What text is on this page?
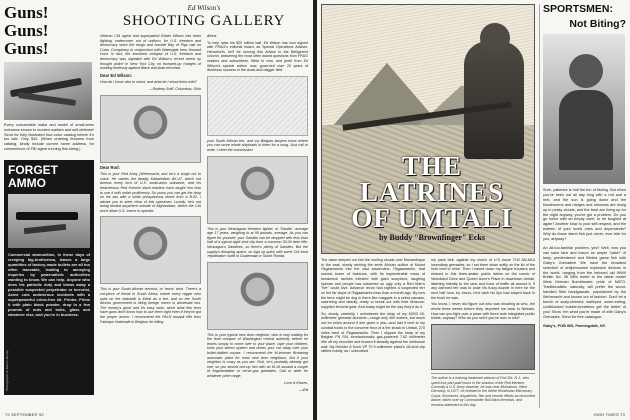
Guns!
Guns!
Guns!
Every conceivable make and model of small-arms ordnance known to modern warfare and self-defense! Send for fully illustrated four-color catalog before it's too late. Only $10. (When ordering firearms from catalog, kindly include current home address, for convenience of FBI agent running this string.)
FORGET
AMMO
Commercial ammunition, in these days of creeping big-brotherism, leaves a large quantities of factory-made bullets are all too often traceable, leading to annoying inquiries by paternalistic authorities wanting to know. We can help. Anyone who does his patriotic duty and blows away a possible suspected perpetrator or terrorist, Acme cuts undesirous incidents with a superpowerful crime-free kit. Printer. Prime it with plain black powder, drop in a few pounds of nuts and bolts, glass and whatever else, and you're in business.
Photographs by Barron Murray
Ed Wilson's
SHOOTING GALLERY

Veteran CIA agent and superpatriot Edwin Wilson has been fighting, undercover, out of uniform, for U.S. freedom and democracy since the tough and humble Bay of Pigs raid on Cuba. Conspiracy in conjunction with Watergate hero Howard Hunt. In fact, the imminent collapse of U.S. freedom and democracy was signaled with Ed Wilson's recent arrest by thought police in New York City, on trumped-up charges of working tirelessly against Black and Arab terrorists.

Dear Ed Wilson:

How do I know who to shoot, and what do I shoot them with?

—Rodney Sniff, Columbus, Ohio

Dear Rod:

This is your Red Army (Wehrmacht, and he's a tough nut to crack. He carries the deadly Kalashnikov AK-47, which not doesns every inch of U.S. small-arms ordnance, and his treacherous Red Kremlin slave-masters have taught him how to use it with unfair proficiency. So yours you can get the drop on his ass with a white phosphorous bomb from a B-52. I advise you to steer clear of this specimen. Luckily, he's not being bested anywhere outside of Afghanistan, where the CIA won't allow U.S. mercs to operate.

This is your South African terrorist, or 'terror' dont. There's a cut-piece of threat in South Africa, where every nigger who spits on the sidewalk is listed as a terr, and so the South African government is hiring foreign mercs in wholesale lots. The money's good and it's easy work, since what few terrs have guns don't know how to use them right even if they've got the proper ammo. I recommend the FALN assault rifle from Fabrique Nationale in Belgium for killing

Africa.

To help raise his $20 million bail, Ed Wilson has now signed with FRAG's editorial board, as Special Operations Adviser. Henceforth, he'll be running this Advice to the Belligerent column, answering the most often asked questions from FRAG readers and subscribers. Write in now, and profit from Ed Wilson's special advice now, governed over 20 years of illustrious success in the cloak-and-dagger field.

your South African terr, and my Belgian lawyers know where you can score whole shiploads of them for a song. Just call or write, I meet the commission.

This is your Nicaraguan freedom fighter, or 'Sandie,' average age 17 years, weighing in at 90 pounds, average. As you can figure for yourself, your Sandito can be dropped with less than half of a typical sight shot clip from a common 30.06 deer rifle. Nicaragua's Sandinos, so there's plenty of Sandies. But the supply's drooping apace, so sign up quick with some CIA front 'repatriation' outfit in Guatemala or South Florida.

This is your typical next door neighbor, who is only waiting for the final collapse of Washington central authority before he learns simply to come over to your place, rape your children, loots your stereo system and drives your car away over your bullet-riddled corpse. I recommend the M-trimmer Browning automatic pistol for most next door neighbors. But if your neighbor is crazy as you are. Rod, he's probably already got one, so you should one-up him with an M-16 assault a couple of fragmentation or nerve-gas grenades. Call or write for whatever price range.

Love & Kisses,

—Ed
72 SEPTEMBER 92
THE LATRINES
OF UMTALI
by Buddy "Brownfinger" Ecks

The dawn seeped out into the moiling clouds over Mozambique to the east, slowly etching the eerie African outline of Mount iTsgaamanhu into the vast savannahs. iTsgaamanhu, that surreal tower of baboons, with its impenetrable mass of breakneck ravines infested with giant scorpions, laughing hyenas and people has suborned so ugly only a Red Man's "her" could love. Advance recon had sighted a suspected terr on the far slope of iTsgaamanhu less than a month ago. By now the terrs might be dug in there like maggots in a zebra carcass, swarming and deadly, ready to break out with their Moscow-supplied terrorist gear. And today might be the day they'd do it.

So, slowly, carefully, I unlimbered the strap of my M203 40-millimeter grenade launcher—range only 400 meters, but much out for miles around if she gives a yes—and laid it next to my combat boots in the concrete floor of a the shack in Umtali, 270 miles west of iTsgaamanhu. Then I slipped the strap of my Belgian FN FAL semiautomatic gas-powered 7.62 millimeter rifle off my shoulder and braced it steadily against the shithouse wall. My Heckler & Koch VP 70 9-millimeter pistol's 18-shot clip rattled noisily, as I unbuckled

my pack belt, against my clutch of U.S.-issue TH3 AN-M14 incendiary grenades, so I set them down softly on the lid of the hole next to mine. Then I eased down my fatigue trousers and relaxed in this three-seater public latrine on the corner of Verkolstch Drive and Queen Anne's Place in downtown Umtali, listening intently to the rank and honk of traffic all around it. If any damned terr was to poke his fuzzy-wuzzie in here for the next half hour, by Jesus, he'd wish his lips had stayed back in the bush he was.

You know, I never did figure out who was shooting at who, the whole three weeks before they deported me back to Newark. How can you fight over a place with three-hole integrated public toilets, anyway? Who do you sell if you've won or lost?

The author is a training-hardened veteran of Fort Dix, N.J., who spent four part-paid hours in the shadow of the Red Menace. Currently a U.S. Army deserter, he was near Mutsaburu, West Germany, in 1977, he enlisted in the White Rhodesian Mercenary Corps. Brochures, dispatches, film and remote efforts as recounted above, taken over by Commander Bull black terrorists, and remains stationed to this day.
SPORTSMEN:
Not Biting?
Sure, patience is half the fun of fishing. But when you've been out all day long with a rod and a reel, and the sun is going down and the bloodworms and midges and minnows are rising up in pesky clouds, and the trout are lining up for the night anyway, you've got a problem. Do you go home with an empty creel, to be laughed at again? Another blow to your self-respect, and the esteem of your loved ones and dependents? Why do those damn fish just never, ever bite for you, anyway?
An all-too-familiar problem, yes? Well, now you can save face and insure an ample "catch" of tasty, predendered and filleted game fish with Gaby's Grenades! We have the broadest selection of antipersonnel explosive devices in the world, ranging from the beloved old WWII British No. 36 Mills bomb to the latest model West German Bombbuster, pride of NATO. Traditionalists, naturally, will prefer the wood-handled Stiel handgranate, popularized by the Wehrmacht and known out of fashion. Don't let a bunch of scaly-skinned, walleyed, worm-eating, coldblooded bubble-breathers get the better of you! Show 'em what you're made of with Gaby's Grenades. Send for free catalogue,
Gaby's, POB 965, Farmingdale, NY.
HIGH TIMES 73
